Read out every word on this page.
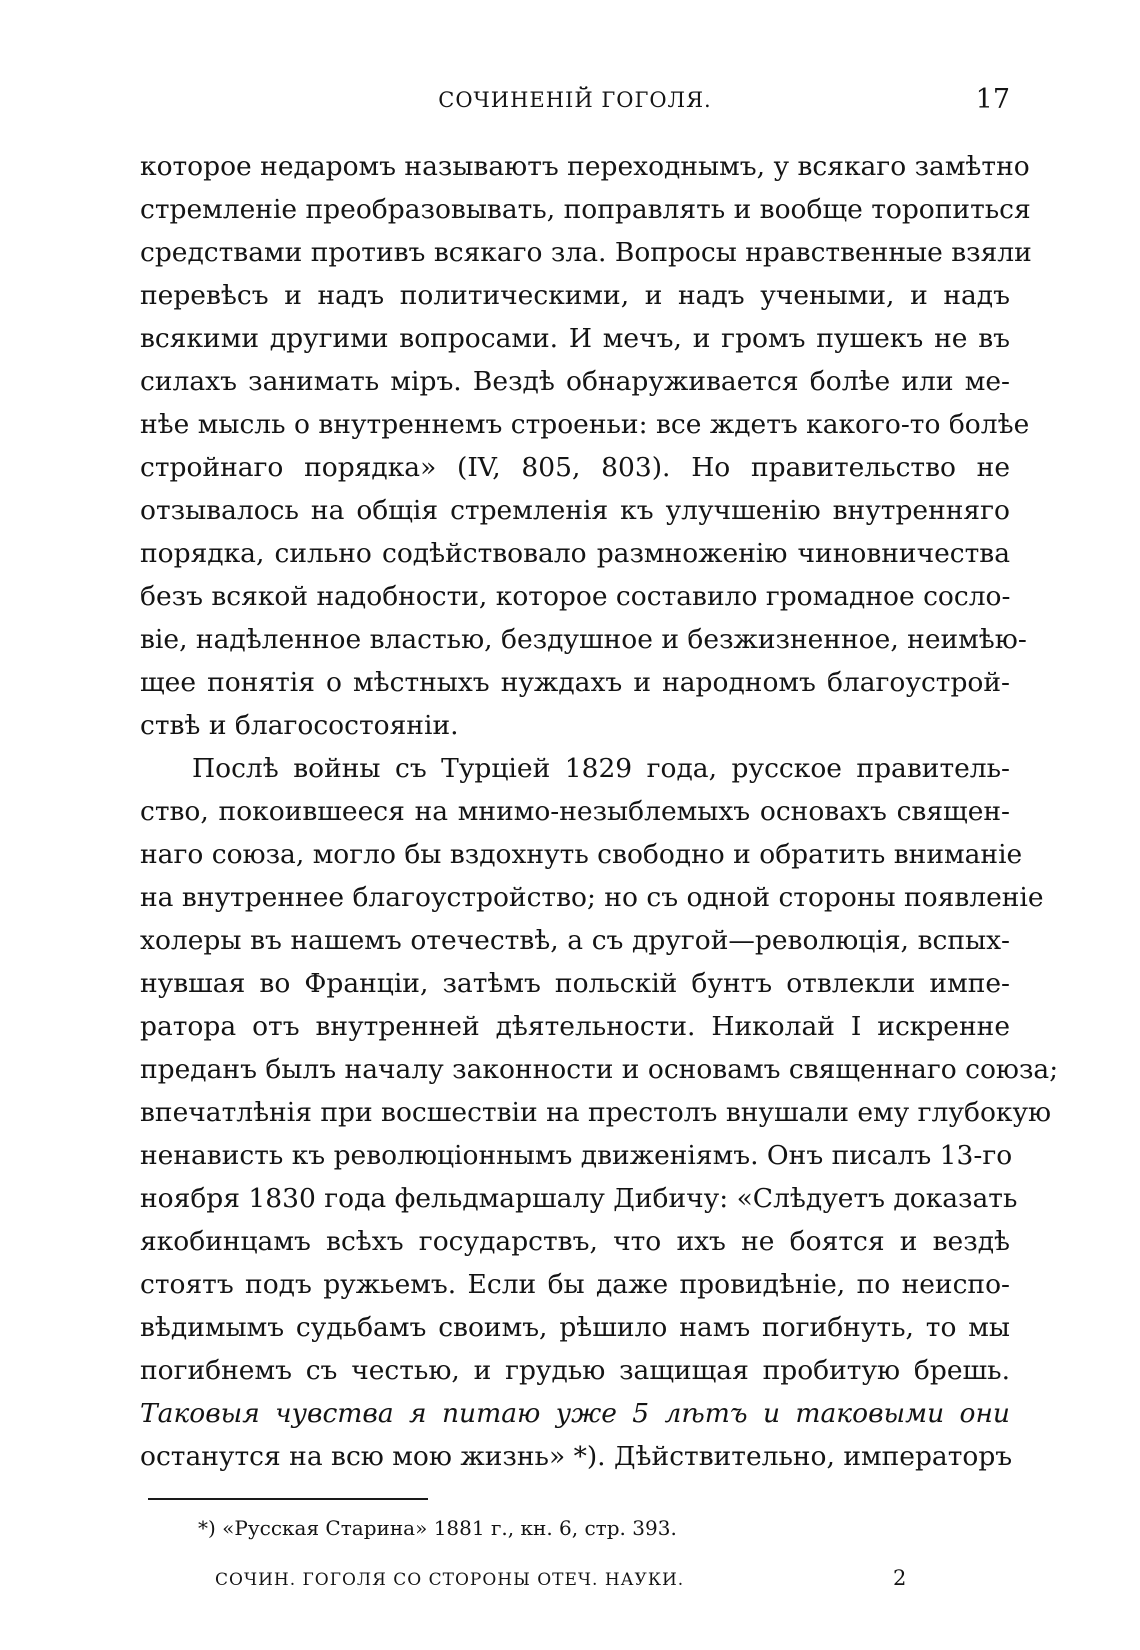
СОЧИНЕНІЙ ГОГОЛЯ.	17
которое недаромъ называютъ переходнымъ, у всякаго замѣтно
стремленіе преобразовывать, поправлять и вообще торопиться
средствами противъ всякаго зла. Вопросы нравственные взяли
перевѣсъ и надъ политическими, и надъ учеными, и надъ
всякими другими вопросами. И мечъ, и громъ пушекъ не въ
силахъ занимать міръ. Вездѣ обнаруживается болѣе или ме-
нѣе мысль о внутреннемъ строеньи: все ждетъ какого-то болѣе
стройнаго порядка» (IV, 805, 803). Но правительство не
отзывалось на общія стремленія къ улучшенію внутренняго
порядка, сильно содѣйствовало размноженію чиновничества
безъ всякой надобности, которое составило громадное сосло-
віе, надѣленное властью, бездушное и безжизненное, неимѣю-
щее понятія о мѣстныхъ нуждахъ и народномъ благоустрой-
ствѣ и благосостояніи.
Послѣ войны съ Турціей 1829 года, русское правитель-
ство, покоившееся на мнимо-незыблемыхъ основахъ священ-
наго союза, могло бы вздохнуть свободно и обратить вниманіе
на внутреннее благоустройство; но съ одной стороны появленіе
холеры въ нашемъ отечествѣ, а съ другой—революція, вспых-
нувшая во Франціи, затѣмъ польскій бунтъ отвлекли импе-
ратора отъ внутренней дѣятельности. Николай I искренне
преданъ былъ началу законности и основамъ священнаго союза;
впечатлѣнія при восшествіи на престолъ внушали ему глубокую
ненависть къ революціоннымъ движеніямъ. Онъ писалъ 13-го
ноября 1830 года фельдмаршалу Дибичу: «Слѣдуетъ доказать
якобинцамъ всѣхъ государствъ, что ихъ не боятся и вездѣ
стоятъ подъ ружьемъ. Если бы даже провидѣніе, по неиспо-
вѣдимымъ судьбамъ своимъ, рѣшило намъ погибнуть, то мы
погибнемъ съ честью, и грудью защищая пробитую брешь.
Таковыя чувства я питаю уже 5 лѣтъ и таковыми они
останутся на всю мою жизнь» *). Дѣйствительно, императоръ
*) «Русская Старина» 1881 г., кн. 6, стр. 393.
СОЧИН. ГОГОЛЯ СО СТОРОНЫ ОТЕЧ. НАУКИ.	2
